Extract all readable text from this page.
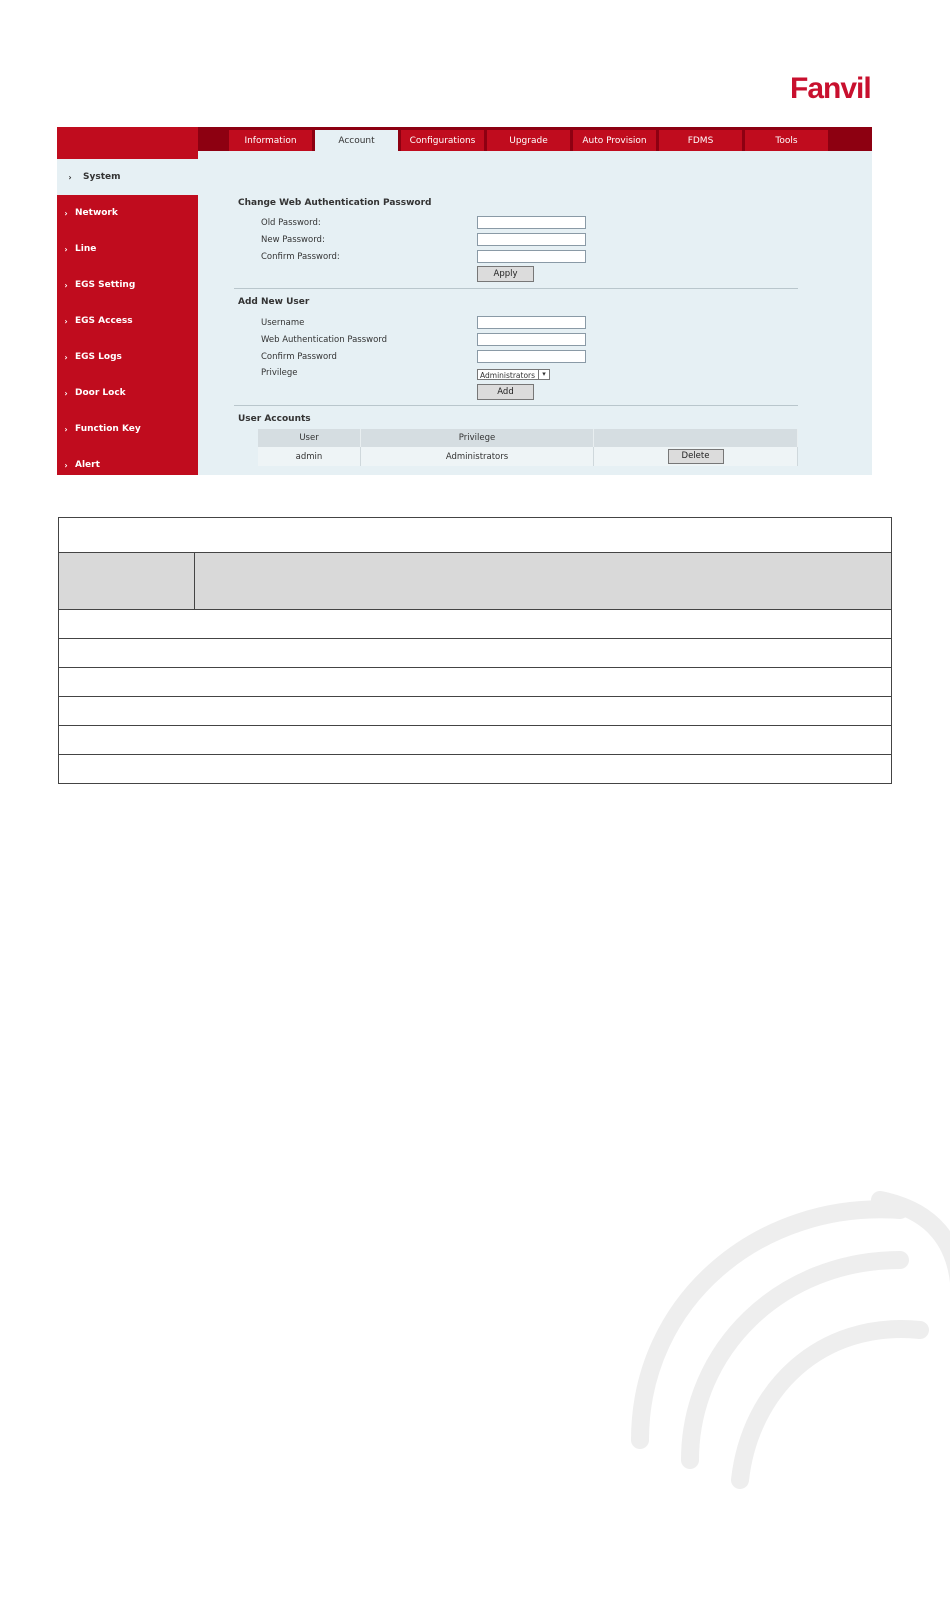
Fanvil
›	System
› Network
› Line
› EGS Setting
› EGS Access
› EGS Logs
› Door Lock
› Function Key
› Alert
Information	Account	Configurations	Upgrade	Auto Provision	FDMS	Tools
Change Web Authentication Password
Old Password:
New Password:
Confirm Password:
Apply
Add New User
Username
Web Authentication Password
Confirm Password
Privilege	Administrators	▾
Add
User Accounts
User	Privilege	
admin	Administrators	Delete
